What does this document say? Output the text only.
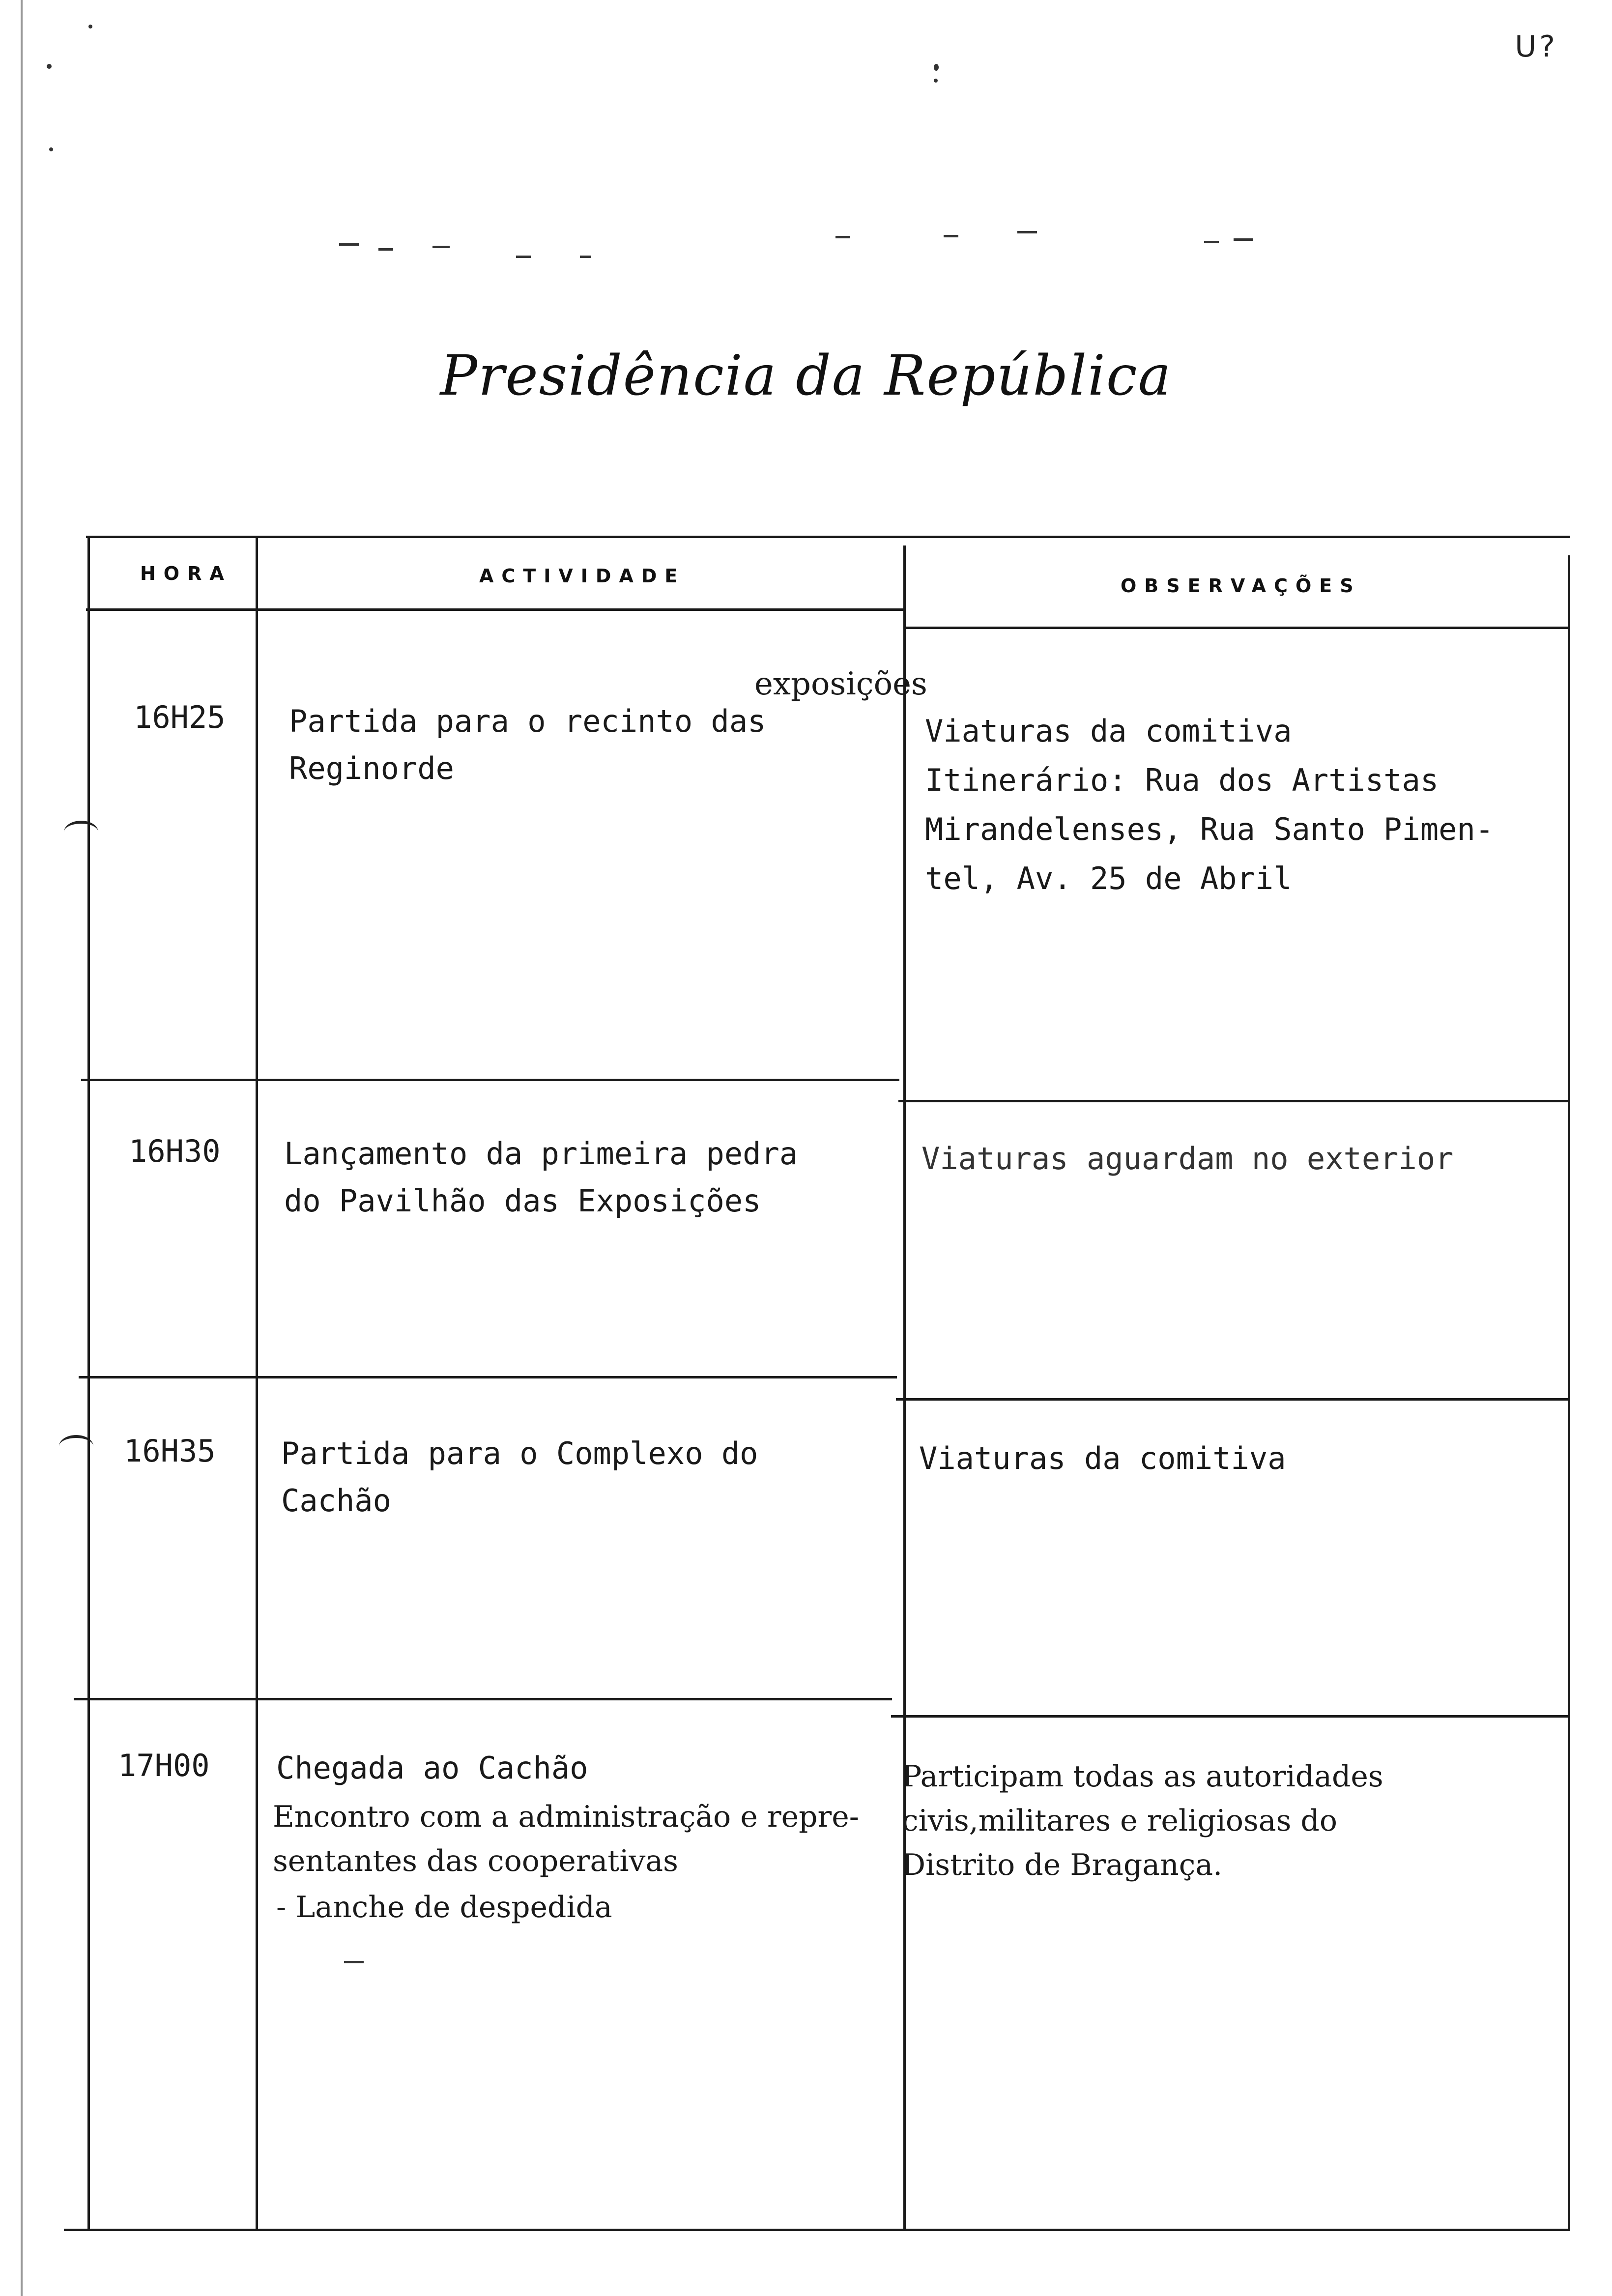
U?
Presidência da República
HORA	ACTIVIDADE	OBSERVAÇÕES
16H25
exposições
Partida para o recinto das
Reginorde
Viaturas da comitiva
Itinerário: Rua dos Artistas
Mirandelenses, Rua Santo Pimen-
tel, Av. 25 de Abril
16H30 Lançamento da primeira pedra
do Pavilhão das Exposições
Viaturas aguardam no exterior
16H35 Partida para o Complexo do
Cachão
Viaturas da comitiva
17H00 Chegada ao Cachão
Encontro com a administração e repre-
sentantes das cooperativas
- Lanche de despedida
Participam todas as autoridades
civis,militares e religiosas do
Distrito de Bragança.
